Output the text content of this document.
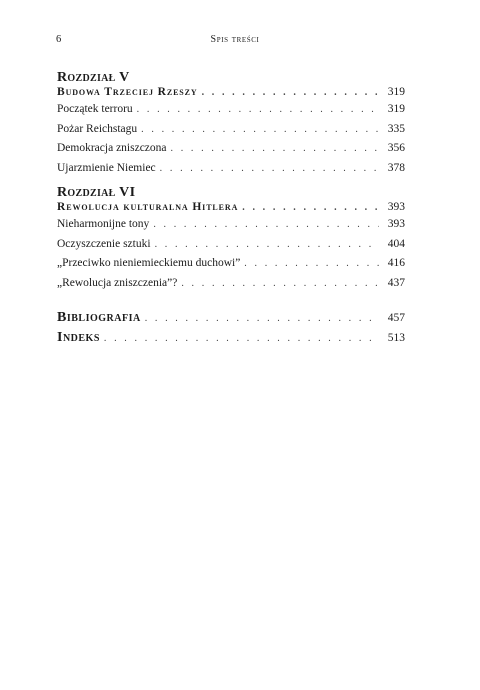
6	Spis treści
Rozdział V
Budowa Trzeciej Rzeszy . . .	319
Początek terroru . . .	319
Pożar Reichstagu . . .	335
Demokracja zniszczona . . .	356
Ujarzmienie Niemiec . . .	378
Rozdział VI
Rewolucja kulturalna Hitlera . . .	393
Nieharmonijne tony . . .	393
Oczyszczenie sztuki . . .	404
„Przeciwko nieniemieckiemu duchowi” . . .	416
„Rewolucja zniszczenia”? . . .	437
Bibliografia . . .	457
Indeks . . .	513
